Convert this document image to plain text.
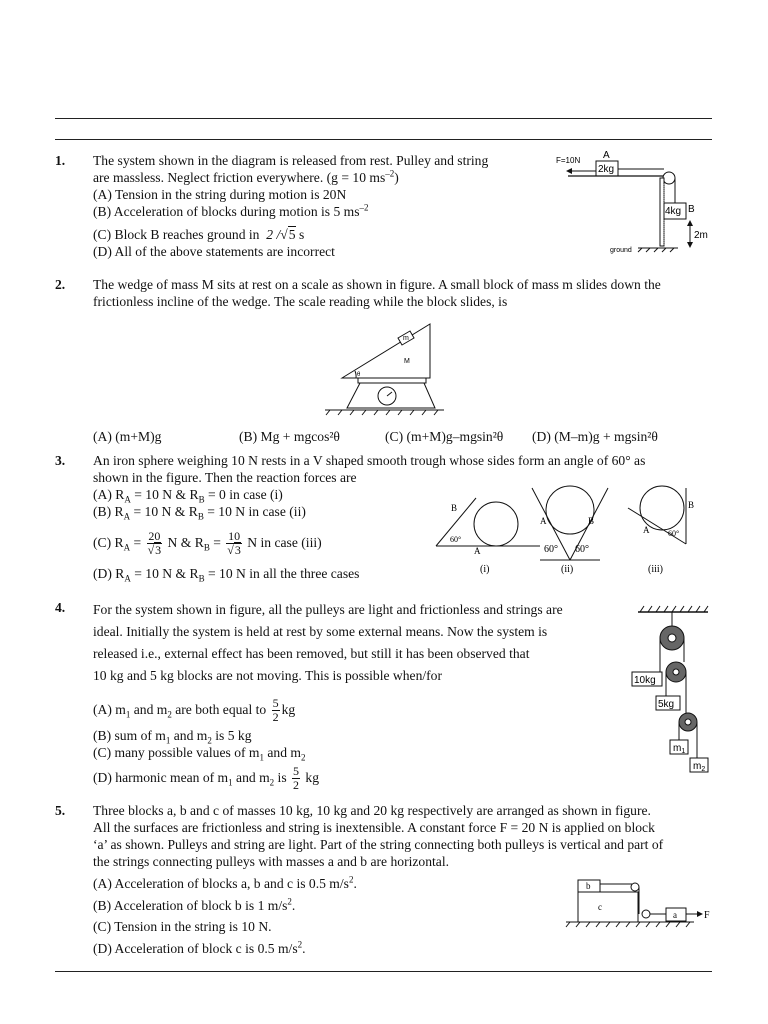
1. The system shown in the diagram is released from rest. Pulley and string
are massless. Neglect friction everywhere. (g = 10 $ms^{-2}$)
(A) Tension in the string during motion is 20N
(B) Acceleration of blocks during motion is 5 $ms^{-2}$
(C) Block B reaches ground in 2 /√5 s
(D) All of the above statements are incorrect
F=10N A
2kg
4kg B
2m
ground
2. The wedge of mass M sits at rest on a scale as shown in figure. A small block of mass m slides down the
frictionless incline of the wedge. The scale reading while the block slides, is
m
M
θ
(A) (m+M)g	(B) Mg + mgcos²θ	(C) (m+M)g–mgsin²θ (D) (M–m)g + mgsin²θ
3. An iron sphere weighing 10 N rests in a V shaped smooth trough whose sides form an angle of 60° as
shown in the figure. Then the reaction forces are
(A) $R_A = 10$ N & $R_B = 0$ in case (i)
(B) $R_A = 10$ N & $R_B = 10$ N in case (ii)
(C) $R_A = \frac{20}{√3}$ N & $R_B = \frac{10}{√3}$ N in case (iii)
(D) $R_A = 10$ N & $R_B = 10$ N in all the three cases
B
A
60°
(i)
A	B
60° 60°
(ii)
B
A 60°
(iii)
4. For the system shown in figure, all the pulleys are light and frictionless and strings are
ideal. Initially the system is held at rest by some external means. Now the system is
released i.e., external effect has been removed, but still it has been observed that
10 kg and 5 kg blocks are not moving. This is possible when/for
(A) $m_1$ and $m_2$ are both equal to $\frac{5}{2}$ kg
(B) sum of $m_1$ and $m_2$ is 5 kg
(C) many possible values of $m_1$ and $m_2$
(D) harmonic mean of $m_1$ and $m_2$ is $\frac{5}{2}$ kg
10kg
5kg
$m_1$
$m_2$
5. Three blocks a, b and c of masses 10 kg, 10 kg and 20 kg respectively are arranged as shown in figure.
All the surfaces are frictionless and string is inextensible. A constant force F = 20 N is applied on block
‘a’ as shown. Pulleys and string are light. Part of the string connecting both pulleys is vertical and part of
the strings connecting pulleys with masses a and b are horizontal.
(A) Acceleration of blocks a, b and c is 0.5 $m/s^2$.
(B) Acceleration of block b is 1 $m/s^2$.
(C) Tension in the string is 10 N.
(D) Acceleration of block c is 0.5 $m/s^2$.
b
c
a	F
